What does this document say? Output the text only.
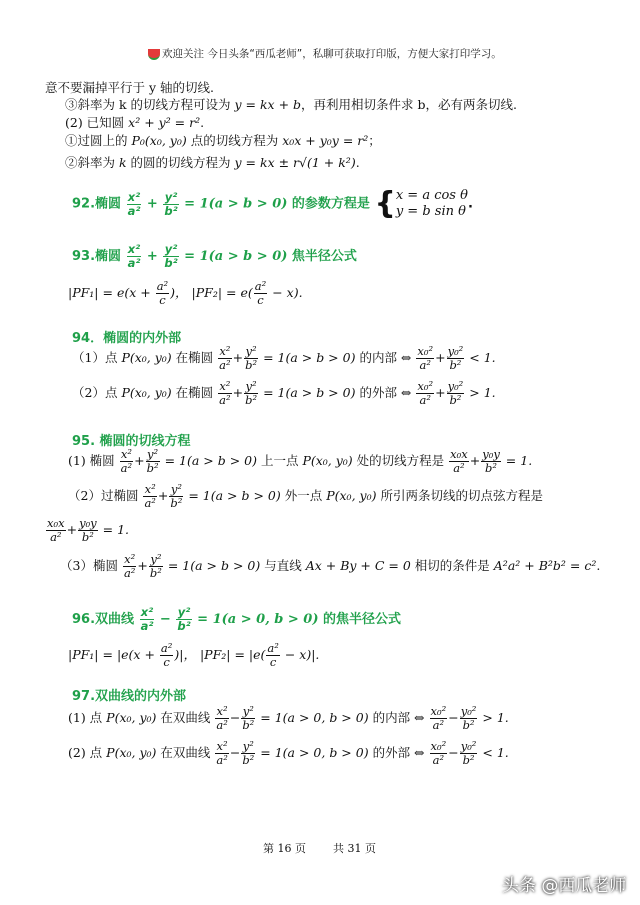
欢迎关注 今日头条“西瓜老师”，私聊可获取打印版，方便大家打印学习。
意不要漏掉平行于 y 轴的切线.
③斜率为 k 的切线方程可设为 y = kx + b，再利用相切条件求 b，必有两条切线.
(2) 已知圆 x² + y² = r².
①过圆上的 P₀(x₀, y₀) 点的切线方程为 x₀x + y₀y = r²；
②斜率为 k 的圆的切线方程为 y = kx ± r√(1 + k²).
92.椭圆 $\frac{\text{x²}}{\text{a²}} + \frac{\text{y²}}{\text{b²}} = 1(a > b > 0)$ 的参数方程是 { x = a cos θ
y = b sin θ .
93.椭圆 $\frac{\text{x²}}{\text{a²}} + \frac{\text{y²}}{\text{b²}} = 1(a > b > 0)$ 焦半径公式
$|PF_1| = e(x + \frac{\text{a²}}{c}$ )， $|PF_2| = e( \frac{\text{a²}}{c} - x)$.
94．椭圆的内外部
（1）点 P(x₀, y₀) 在椭圆 $\frac{\text{x²}}{\text{a²}} + \frac{\text{y²}}{\text{b²}} = 1(a > b > 0)$ 的内部 ⇔ $\frac{\text{x₀²}}{\text{a²}} + \frac{\text{y₀²}}{\text{b²}} < 1$.
（2）点 P(x₀, y₀) 在椭圆 $\frac{\text{x²}}{\text{a²}} + \frac{\text{y²}}{\text{b²}} = 1(a > b > 0)$ 的外部 ⇔ $\frac{\text{x₀²}}{\text{a²}} + \frac{\text{y₀²}}{\text{b²}} > 1$.
95. 椭圆的切线方程
(1) 椭圆 $\frac{\text{x²}}{\text{a²}} + \frac{\text{y²}}{\text{b²}} = 1(a > b > 0)$ 上一点 P(x₀, y₀) 处的切线方程是 $\frac{\text{x₀x}}{\text{a²}} + \frac{\text{y₀y}}{\text{b²}} = 1$.
（2）过椭圆 $\frac{\text{x²}}{\text{a²}} + \frac{\text{y²}}{\text{b²}} = 1(a > b > 0)$ 外一点 P(x₀, y₀) 所引两条切线的切点弦方程是
$\frac{\text{x₀x}}{\text{a²}} + \frac{\text{y₀y}}{\text{b²}} = 1$.
（3）椭圆 $\frac{\text{x²}}{\text{a²}} + \frac{\text{y²}}{\text{b²}} = 1(a > b > 0)$ 与直线 Ax + By + C = 0 相切的条件是 A²a² + B²b² = c².
96.双曲线 $\frac{\text{x²}}{\text{a²}} - \frac{\text{y²}}{\text{b²}} = 1(a > 0$, b > 0) 的焦半径公式
$|PF_1| = |e(x + \frac{\text{a²}}{c}$ )|， $|PF_2| = |e( \frac{\text{a²}}{c} - x)|$.
97.双曲线的内外部
(1) 点 P(x₀, y₀) 在双曲线 $\frac{\text{x²}}{\text{a²}} - \frac{\text{y²}}{\text{b²}} = 1(a > 0$, b > 0) 的内部 ⇔ $\frac{\text{x₀²}}{\text{a²}} - \frac{\text{y₀²}}{\text{b²}} > 1$.
(2) 点 P(x₀, y₀) 在双曲线 $\frac{\text{x²}}{\text{a²}} - \frac{\text{y²}}{\text{b²}} = 1(a > 0$, b > 0) 的外部 ⇔ $\frac{\text{x₀²}}{\text{a²}} - \frac{\text{y₀²}}{\text{b²}} < 1$.
第 16 页 共 31 页
头条 @西瓜老师
